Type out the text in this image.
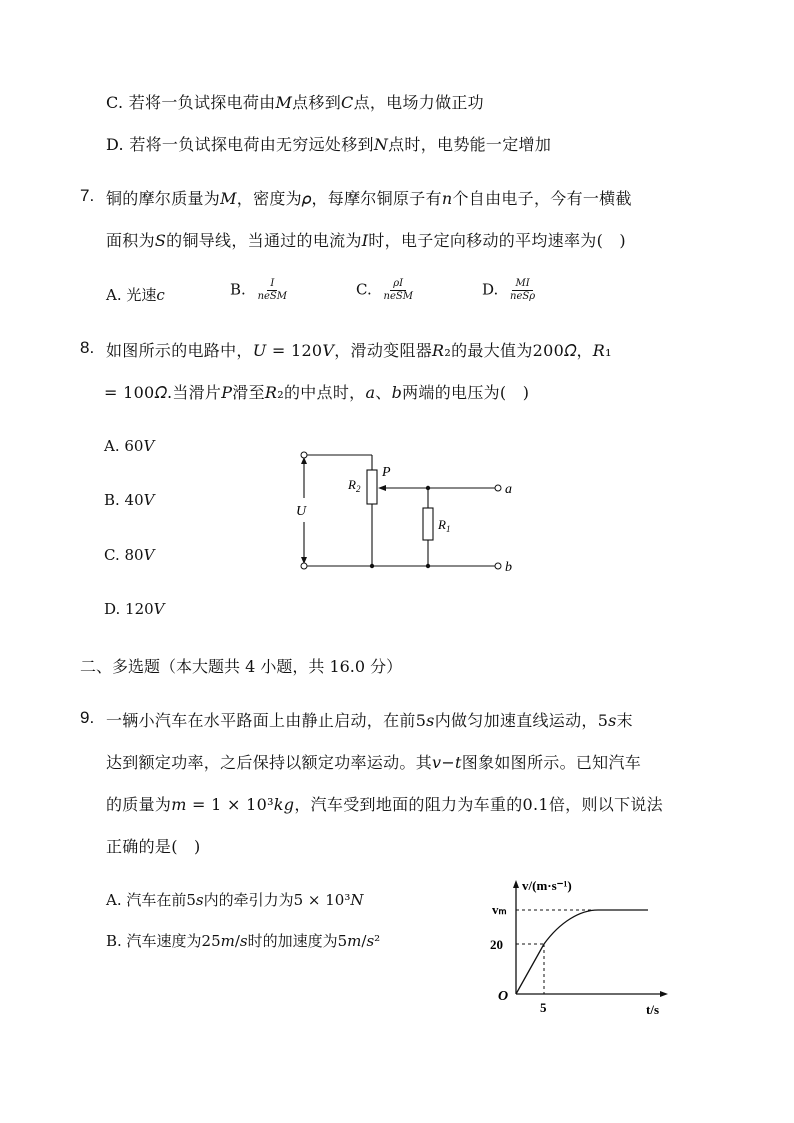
C. 若将一负试探电荷由𝑀点移到𝐶点，电场力做正功
D. 若将一负试探电荷由无穷远处移到𝑁点时，电势能一定增加
7. 铜的摩尔质量为𝑀，密度为𝜌，每摩尔铜原子有𝑛个自由电子，今有一横截
面积为𝑆的铜导线，当通过的电流为𝐼时，电子定向移动的平均速率为(　)
A. 光速𝑐	B. $\frac{I}{\text{neSM}}$	C. $\frac{\rho I}{\text{neSM}}$	D. $\frac{MI}{\text{neSρ}}$
8. 如图所示的电路中，𝑈 = 120𝑉，滑动变阻器𝑅₂的最大值为200𝛺，𝑅₁
= 100𝛺.当滑片𝑃滑至𝑅₂的中点时，𝑎、𝑏两端的电压为(　)
A. 60𝑉
B. 40𝑉
C. 80𝑉
D. 120𝑉
$R_2$
P
U
$R_1$
a
b
二、多选题（本大题共 4 小题，共 16.0 分）
9. 一辆小汽车在水平路面上由静止启动，在前5𝑠内做匀加速直线运动，5𝑠末
达到额定功率，之后保持以额定功率运动。其𝑣−𝑡图象如图所示。已知汽车
的质量为𝑚 = 1 × 10³𝑘𝑔，汽车受到地面的阻力为车重的0.1倍，则以下说法
正确的是(　)
A. 汽车在前5𝑠内的牵引力为5 × 10³𝑁
B. 汽车速度为25𝑚/𝑠时的加速度为5𝑚/𝑠²
v/(m·s⁻¹)
vₘ
20
O
5	t/s
